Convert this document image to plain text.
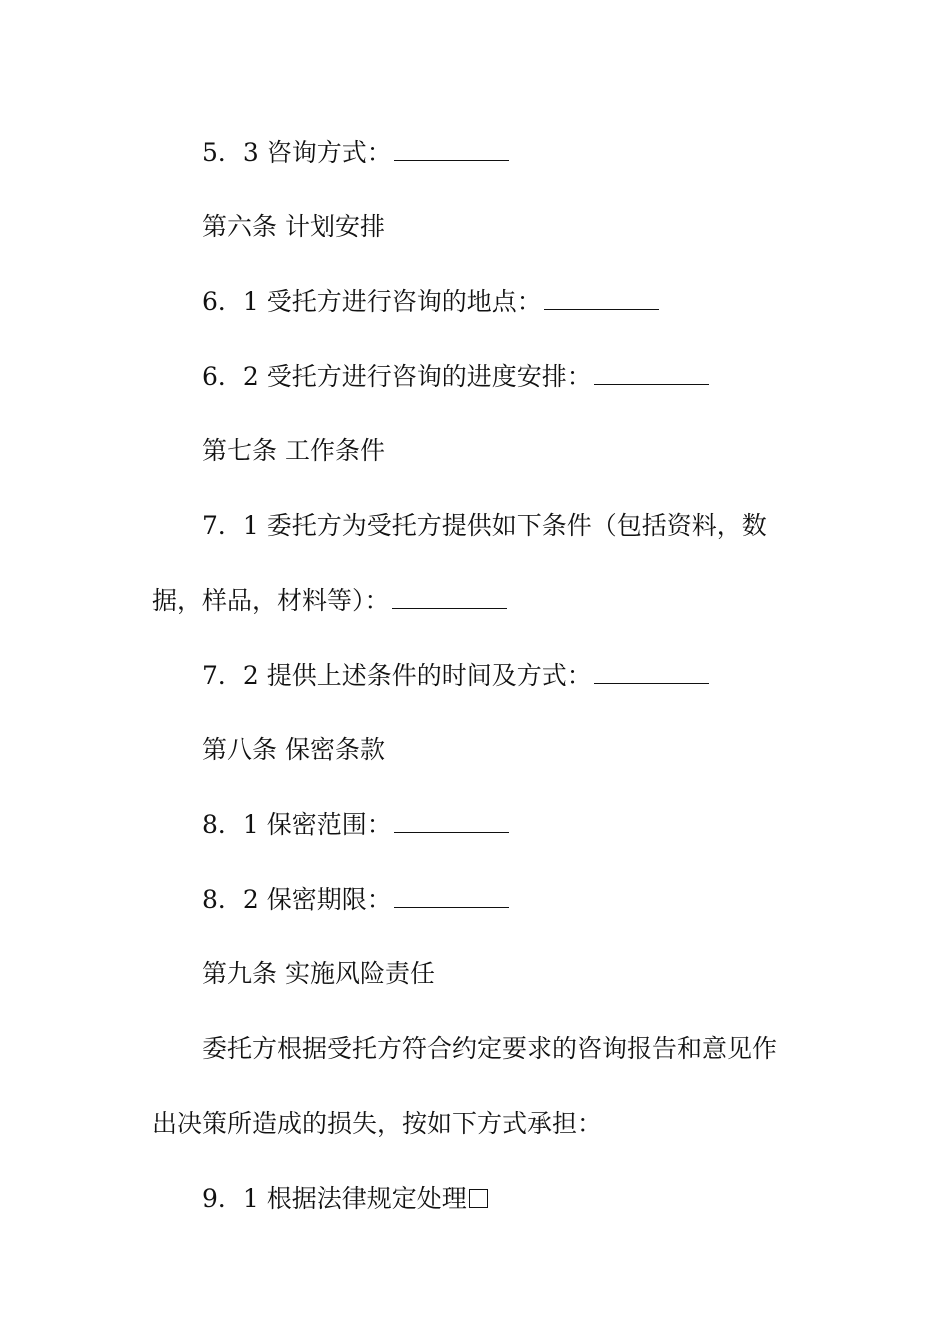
5．3 咨询方式：
第六条 计划安排
6．1 受托方进行咨询的地点：
6．2 受托方进行咨询的进度安排：
第七条 工作条件
7．1 委托方为受托方提供如下条件（包括资料，数
据，样品，材料等）：
7．2 提供上述条件的时间及方式：
第八条 保密条款
8．1 保密范围：
8．2 保密期限：
第九条 实施风险责任
委托方根据受托方符合约定要求的咨询报告和意见作
出决策所造成的损失，按如下方式承担：
9．1 根据法律规定处理
